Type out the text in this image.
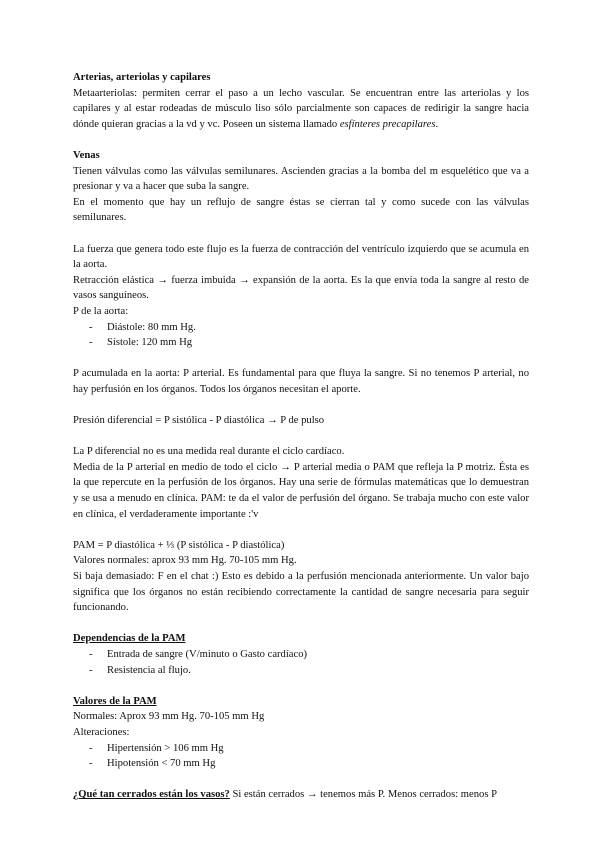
Arterias, arteriolas y capilares

Metaarteriolas: permiten cerrar el paso a un lecho vascular. Se encuentran entre las arteriolas y los capilares y al estar rodeadas de músculo liso sólo parcialmente son capaces de redirigir la sangre hacia dónde quieran gracias a la vd y vc. Poseen un sistema llamado esfínteres precapilares.

Venas

Tienen válvulas como las válvulas semilunares. Ascienden gracias a la bomba del m esquelético que va a presionar y va a hacer que suba la sangre.

En el momento que hay un reflujo de sangre éstas se cierran tal y como sucede con las válvulas semilunares.

La fuerza que genera todo este flujo es la fuerza de contracción del ventrículo izquierdo que se acumula en la aorta.

Retracción elástica → fuerza imbuida → expansión de la aorta. Es la que envía toda la sangre al resto de vasos sanguíneos.

P de la aorta:

- Diástole: 80 mm Hg.
- Sístole: 120 mm Hg

P acumulada en la aorta: P arterial. Es fundamental para que fluya la sangre. Si no tenemos P arterial, no hay perfusión en los órganos. Todos los órganos necesitan el aporte.

Presión diferencial = P sistólica - P diastólica → P de pulso

La P diferencial no es una medida real durante el ciclo cardíaco.

Media de la P arterial en medio de todo el ciclo → P arterial media o PAM que refleja la P motriz. Ésta es la que repercute en la perfusión de los órganos. Hay una serie de fórmulas matemáticas que lo demuestran y se usa a menudo en clínica. PAM: te da el valor de perfusión del órgano. Se trabaja mucho con este valor en clínica, el verdaderamente importante :'v

PAM = P diastólica + ⅓ (P sistólica - P diastólica)

Valores normales: aprox 93 mm Hg. 70-105 mm Hg.

Si baja demasiado: F en el chat :) Esto es debido a la perfusión mencionada anteriormente. Un valor bajo significa que los órganos no están recibiendo correctamente la cantidad de sangre necesaria para seguir funcionando.

Dependencias de la PAM

- Entrada de sangre (V/minuto o Gasto cardíaco)
- Resistencia al flujo.

Valores de la PAM

Normales: Aprox 93 mm Hg. 70-105 mm Hg

Alteraciones:

- Hipertensión > 106 mm Hg
- Hipotensión < 70 mm Hg

¿Qué tan cerrados están los vasos? Si están cerrados → tenemos más P. Menos cerrados: menos P
